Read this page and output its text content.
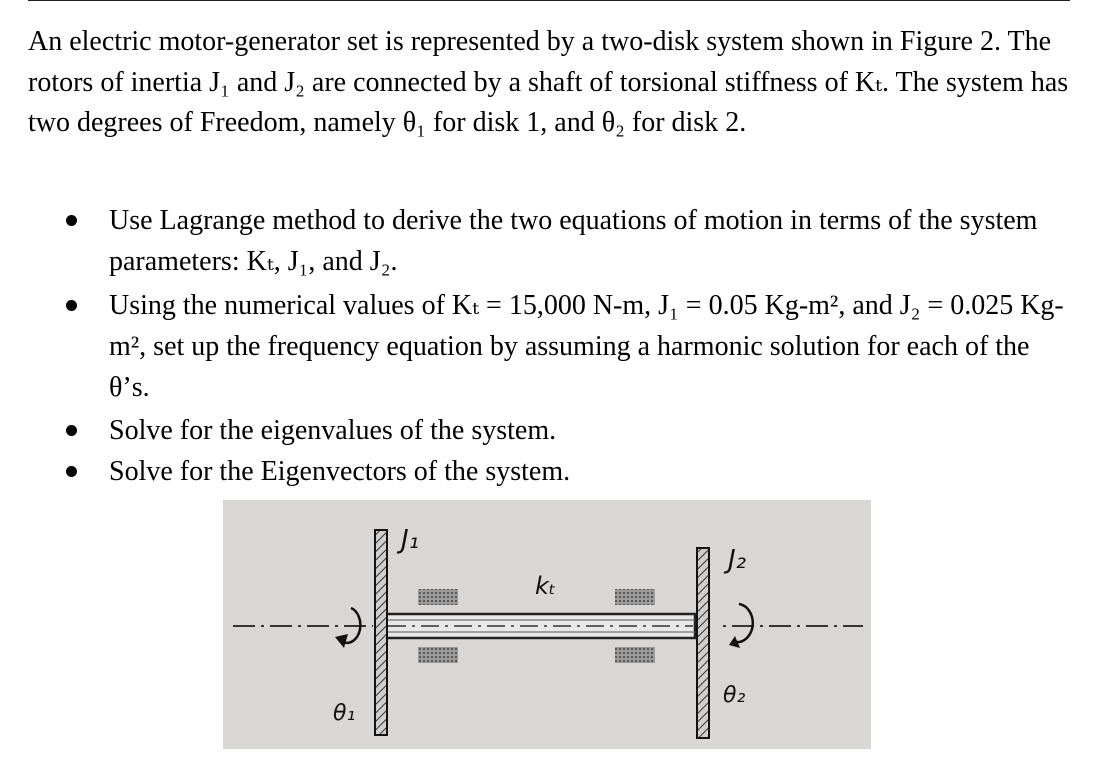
An electric motor-generator set is represented by a two-disk system shown in Figure 2. The rotors of inertia J₁ and J₂ are connected by a shaft of torsional stiffness of Kₜ. The system has two degrees of Freedom, namely θ₁ for disk 1, and θ₂ for disk 2.
Use Lagrange method to derive the two equations of motion in terms of the system parameters: Kₜ, J₁, and J₂.
Using the numerical values of Kₜ = 15,000 N-m, J₁ = 0.05 Kg-m², and J₂ = 0.025 Kg-m², set up the frequency equation by assuming a harmonic solution for each of the θ’s.
Solve for the eigenvalues of the system.
Solve for the Eigenvectors of the system.
J₁
J₂
kₜ
θ₁
θ₂
